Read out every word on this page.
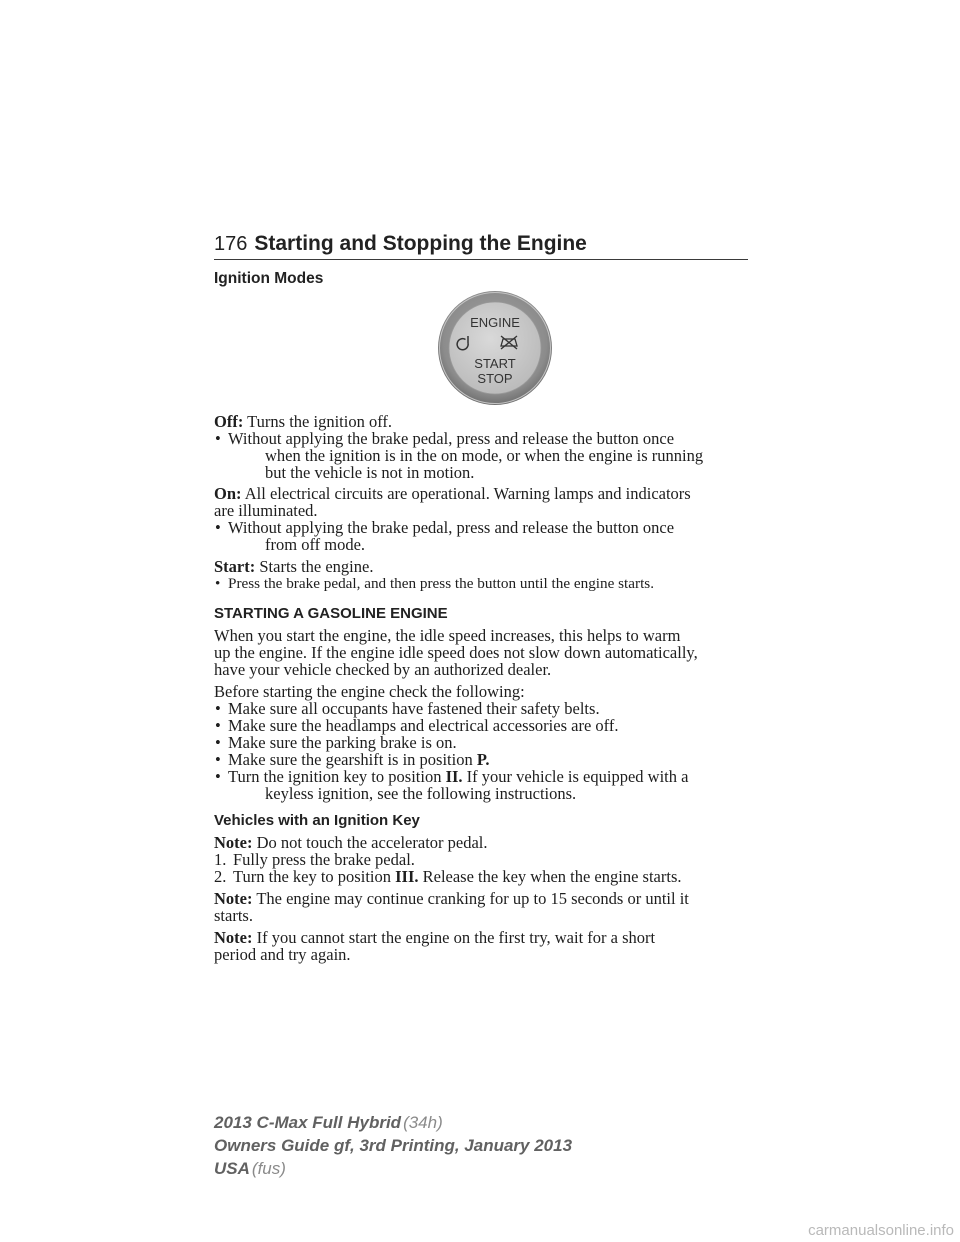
176 Starting and Stopping the Engine
Ignition Modes
ENGINE
START
STOP
Off: Turns the ignition off.
• Without applying the brake pedal, press and release the button once
when the ignition is in the on mode, or when the engine is running
but the vehicle is not in motion.
On: All electrical circuits are operational. Warning lamps and indicators
are illuminated.
• Without applying the brake pedal, press and release the button once
from off mode.
Start: Starts the engine.
• Press the brake pedal, and then press the button until the engine starts.
STARTING A GASOLINE ENGINE
When you start the engine, the idle speed increases, this helps to warm
up the engine. If the engine idle speed does not slow down automatically,
have your vehicle checked by an authorized dealer.
Before starting the engine check the following:
• Make sure all occupants have fastened their safety belts.
• Make sure the headlamps and electrical accessories are off.
• Make sure the parking brake is on.
• Make sure the gearshift is in position P.
• Turn the ignition key to position II. If your vehicle is equipped with a
keyless ignition, see the following instructions.
Vehicles with an Ignition Key
Note: Do not touch the accelerator pedal.
1. Fully press the brake pedal.
2. Turn the key to position III. Release the key when the engine starts.
Note: The engine may continue cranking for up to 15 seconds or until it
starts.
Note: If you cannot start the engine on the first try, wait for a short
period and try again.
2013 C-Max Full Hybrid (34h)
Owners Guide gf, 3rd Printing, January 2013
USA (fus)
carmanualsonline.info
